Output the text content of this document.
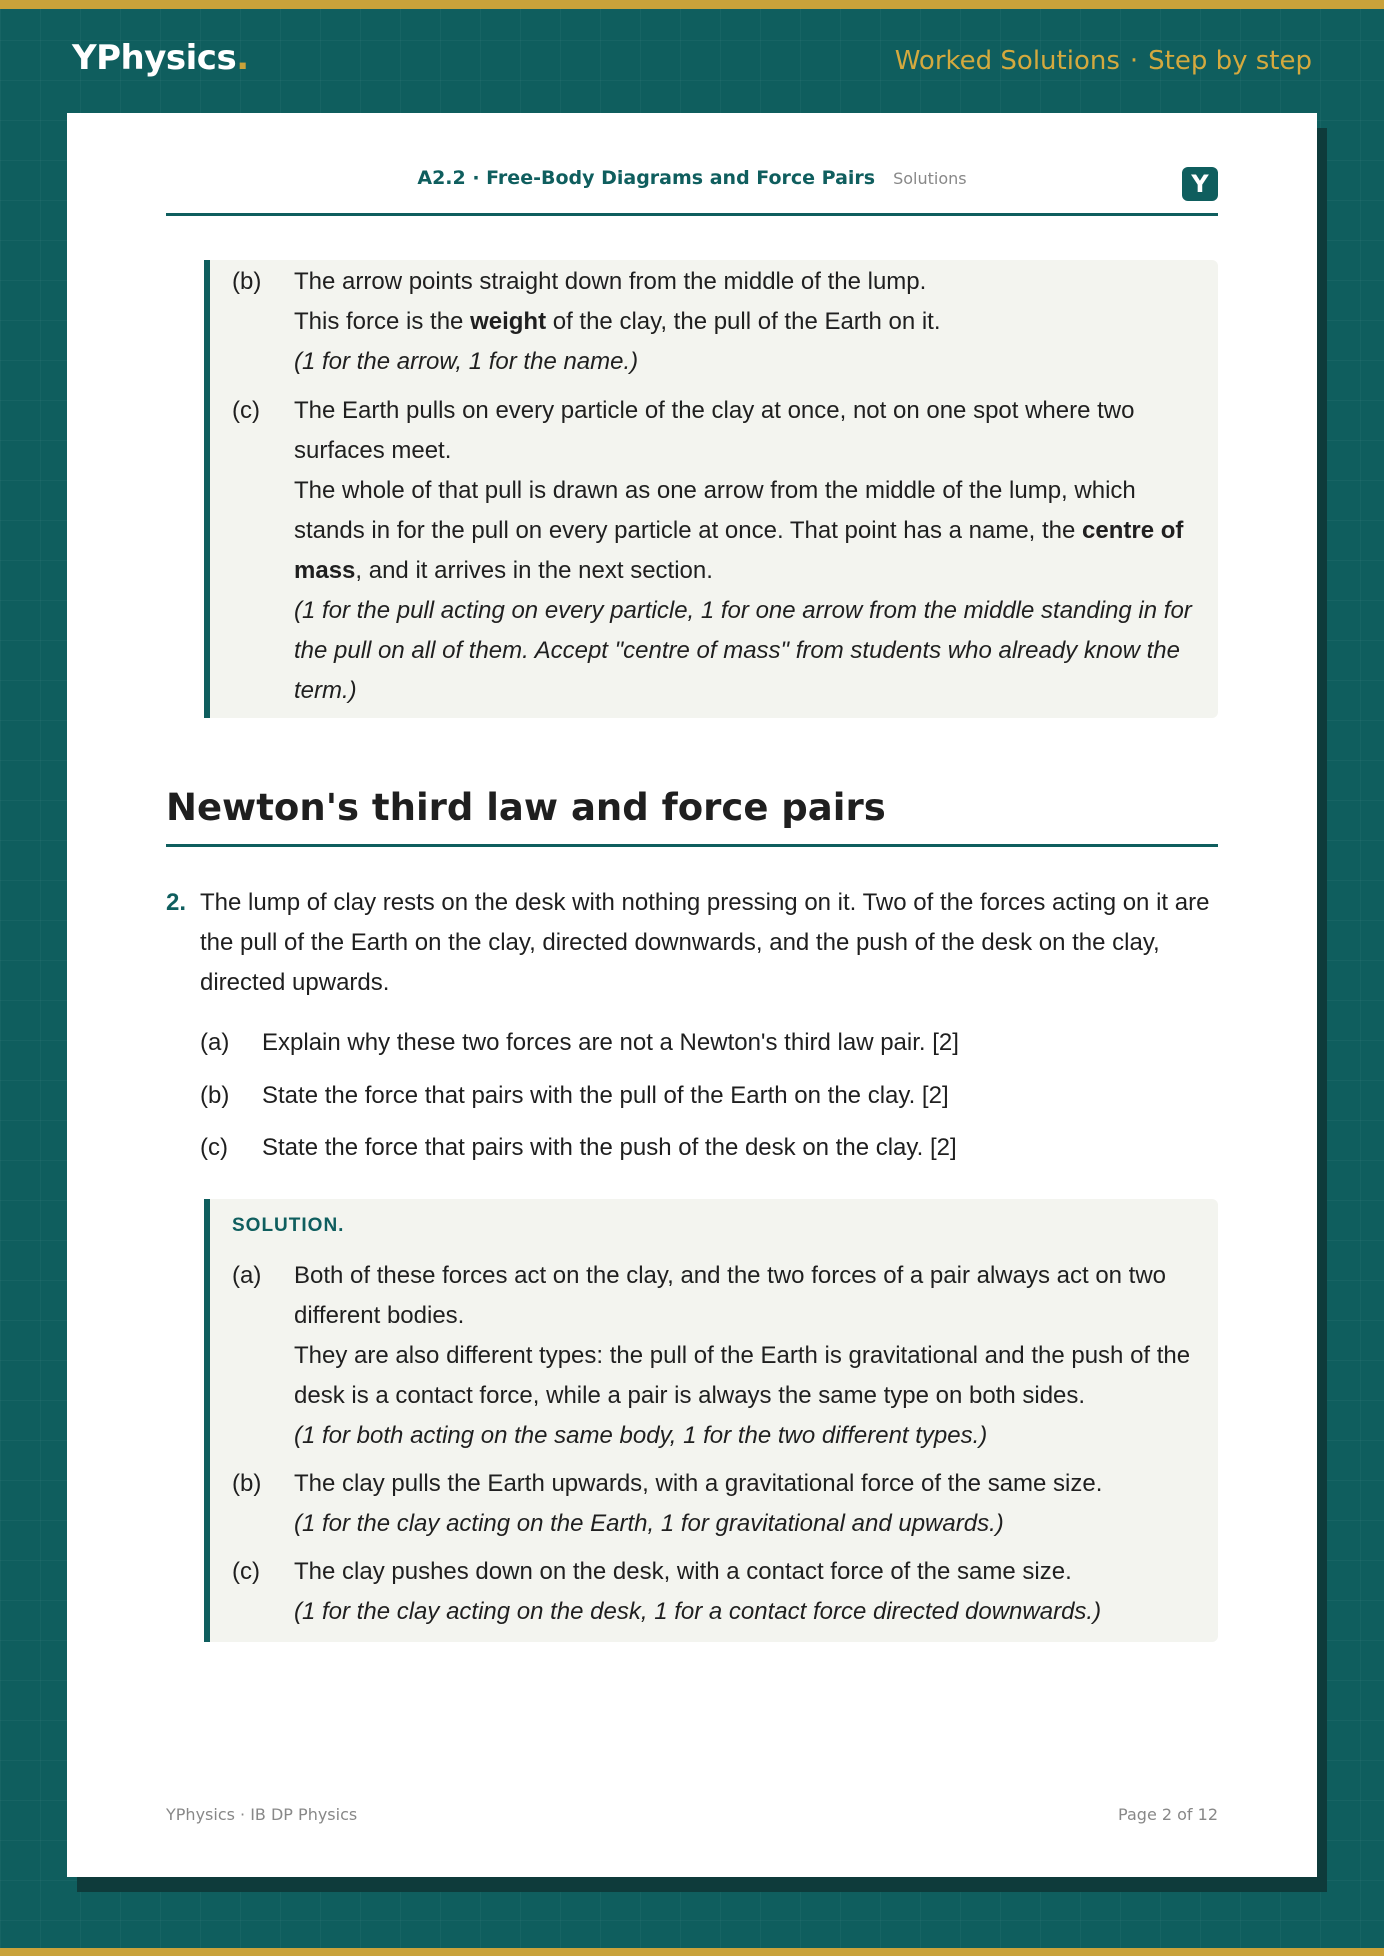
YPhysics.	Worked Solutions · Step by step
A2.2 · Free-Body Diagrams and Force Pairs Solutions	Y
(b) The arrow points straight down from the middle of the lump.
This force is the weight of the clay, the pull of the Earth on it.
(1 for the arrow, 1 for the name.)
(c) The Earth pulls on every particle of the clay at once, not on one spot where two surfaces meet.
The whole of that pull is drawn as one arrow from the middle of the lump, which stands in for the pull on every particle at once. That point has a name, the centre of mass, and it arrives in the next section.
(1 for the pull acting on every particle, 1 for one arrow from the middle standing in for the pull on all of them. Accept "centre of mass" from students who already know the term.)
Newton's third law and force pairs
2. The lump of clay rests on the desk with nothing pressing on it. Two of the forces acting on it are the pull of the Earth on the clay, directed downwards, and the push of the desk on the clay, directed upwards.
(a) Explain why these two forces are not a Newton's third law pair. [2]
(b) State the force that pairs with the pull of the Earth on the clay. [2]
(c) State the force that pairs with the push of the desk on the clay. [2]
SOLUTION.
(a) Both of these forces act on the clay, and the two forces of a pair always act on two different bodies.
They are also different types: the pull of the Earth is gravitational and the push of the desk is a contact force, while a pair is always the same type on both sides.
(1 for both acting on the same body, 1 for the two different types.)
(b) The clay pulls the Earth upwards, with a gravitational force of the same size.
(1 for the clay acting on the Earth, 1 for gravitational and upwards.)
(c) The clay pushes down on the desk, with a contact force of the same size.
(1 for the clay acting on the desk, 1 for a contact force directed downwards.)
YPhysics · IB DP Physics	Page 2 of 12
